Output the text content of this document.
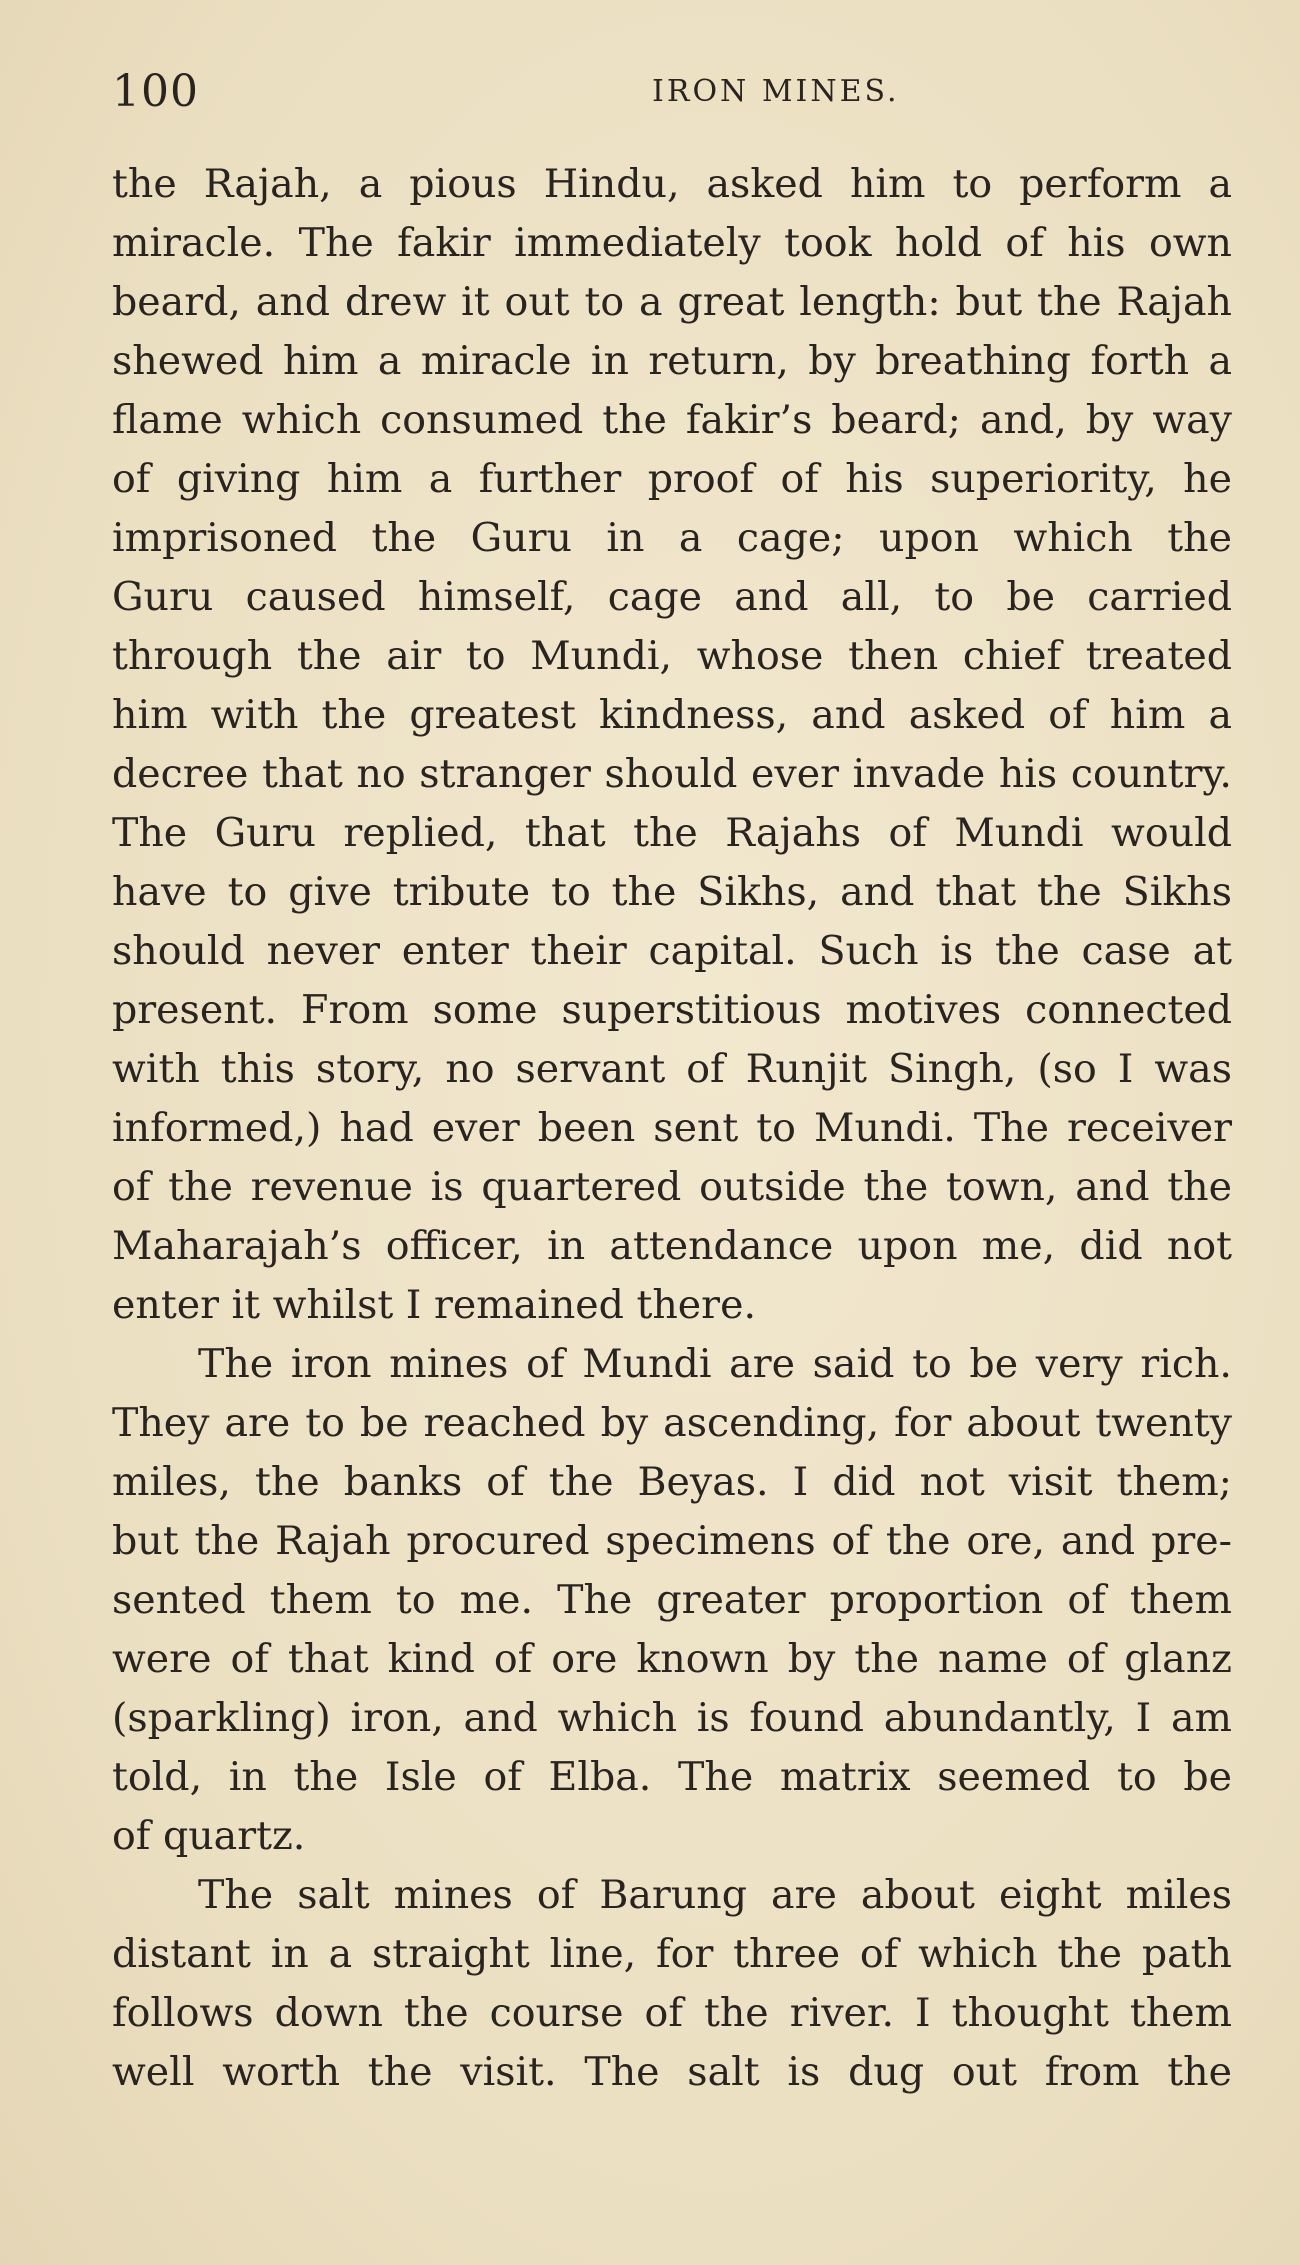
100	IRON MINES.
the Rajah, a pious Hindu, asked him to perform a
miracle. The fakir immediately took hold of his own
beard, and drew it out to a great length: but the Rajah
shewed him a miracle in return, by breathing forth a
flame which consumed the fakir’s beard; and, by way
of giving him a further proof of his superiority, he
imprisoned the Guru in a cage; upon which the
Guru caused himself, cage and all, to be carried
through the air to Mundi, whose then chief treated
him with the greatest kindness, and asked of him a
decree that no stranger should ever invade his country.
The Guru replied, that the Rajahs of Mundi would
have to give tribute to the Sikhs, and that the Sikhs
should never enter their capital. Such is the case at
present. From some superstitious motives connected
with this story, no servant of Runjit Singh, (so I was
informed,) had ever been sent to Mundi. The receiver
of the revenue is quartered outside the town, and the
Maharajah’s officer, in attendance upon me, did not
enter it whilst I remained there.
The iron mines of Mundi are said to be very rich.
They are to be reached by ascending, for about twenty
miles, the banks of the Beyas. I did not visit them;
but the Rajah procured specimens of the ore, and pre-
sented them to me. The greater proportion of them
were of that kind of ore known by the name of glanz
(sparkling) iron, and which is found abundantly, I am
told, in the Isle of Elba. The matrix seemed to be
of quartz.
The salt mines of Barung are about eight miles
distant in a straight line, for three of which the path
follows down the course of the river. I thought them
well worth the visit. The salt is dug out from the
